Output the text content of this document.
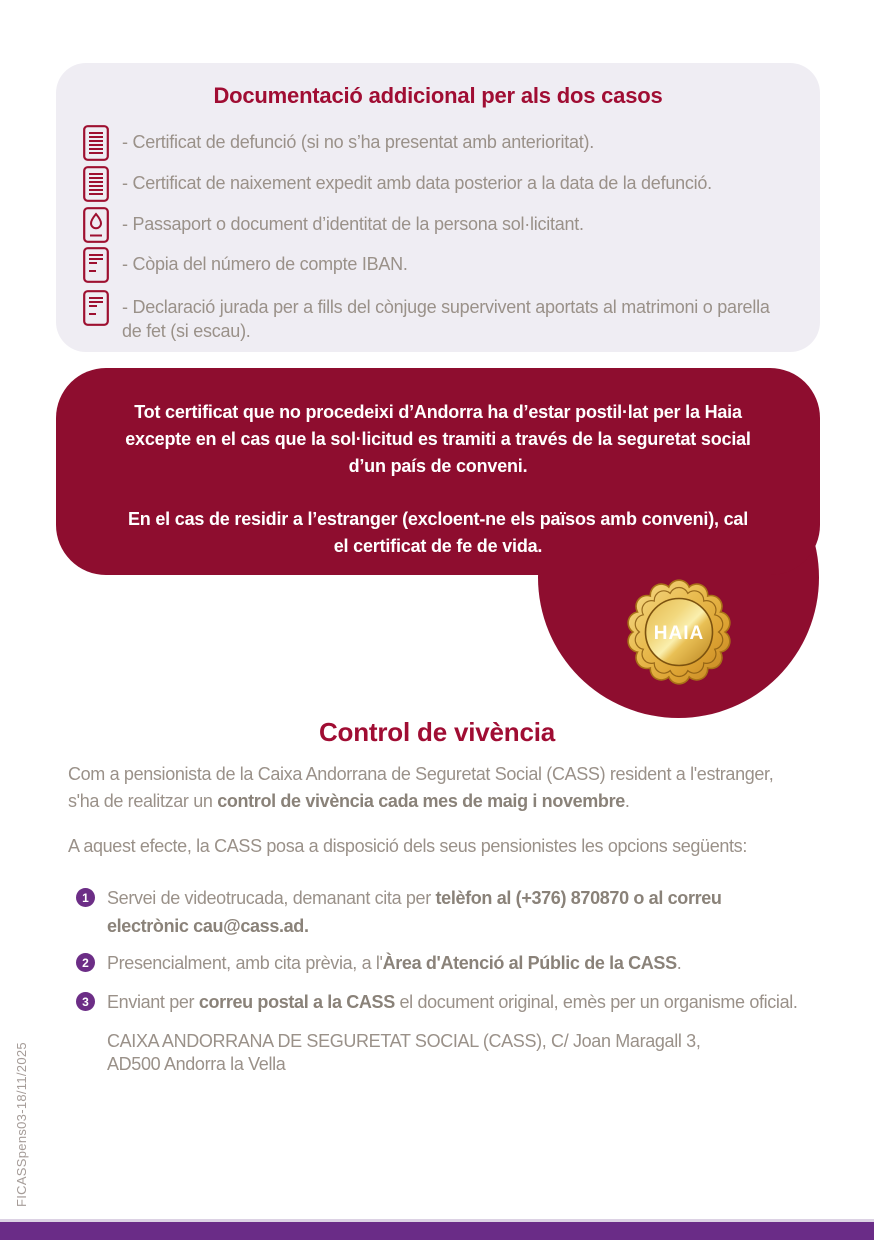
Documentació addicional per als dos casos
- Certificat de defunció (si no s’ha presentat amb anterioritat).
- Certificat de naixement expedit amb data posterior a la data de la defunció.
- Passaport o document d’identitat de la persona sol·licitant.
- Còpia del número de compte IBAN.
- Declaració jurada per a fills del cònjuge supervivent aportats al matrimoni o parella
de fet (si escau).
Tot certificat que no procedeixi d’Andorra ha d’estar postil·lat per la Haia
excepte en el cas que la sol·licitud es tramiti a través de la seguretat social
d’un país de conveni.
En el cas de residir a l’estranger (excloent-ne els països amb conveni), cal
el certificat de fe de vida.
HAIA
Control de vivència

Com a pensionista de la Caixa Andorrana de Seguretat Social (CASS) resident a l'estranger,
s'ha de realitzar un control de vivència cada mes de maig i novembre.

A aquest efecte, la CASS posa a disposició dels seus pensionistes les opcions següents:

1	Servei de videotrucada, demanant cita per telèfon al (+376) 870870 o al correu
electrònic cau@cass.ad.
2	Presencialment, amb cita prèvia, a l'Àrea d'Atenció al Públic de la CASS.
3	Enviant per correu postal a la CASS el document original, emès per un organisme oficial.
CAIXA ANDORRANA DE SEGURETAT SOCIAL (CASS), C/ Joan Maragall 3,
AD500 Andorra la Vella
FICASSpens03-18/11/2025
